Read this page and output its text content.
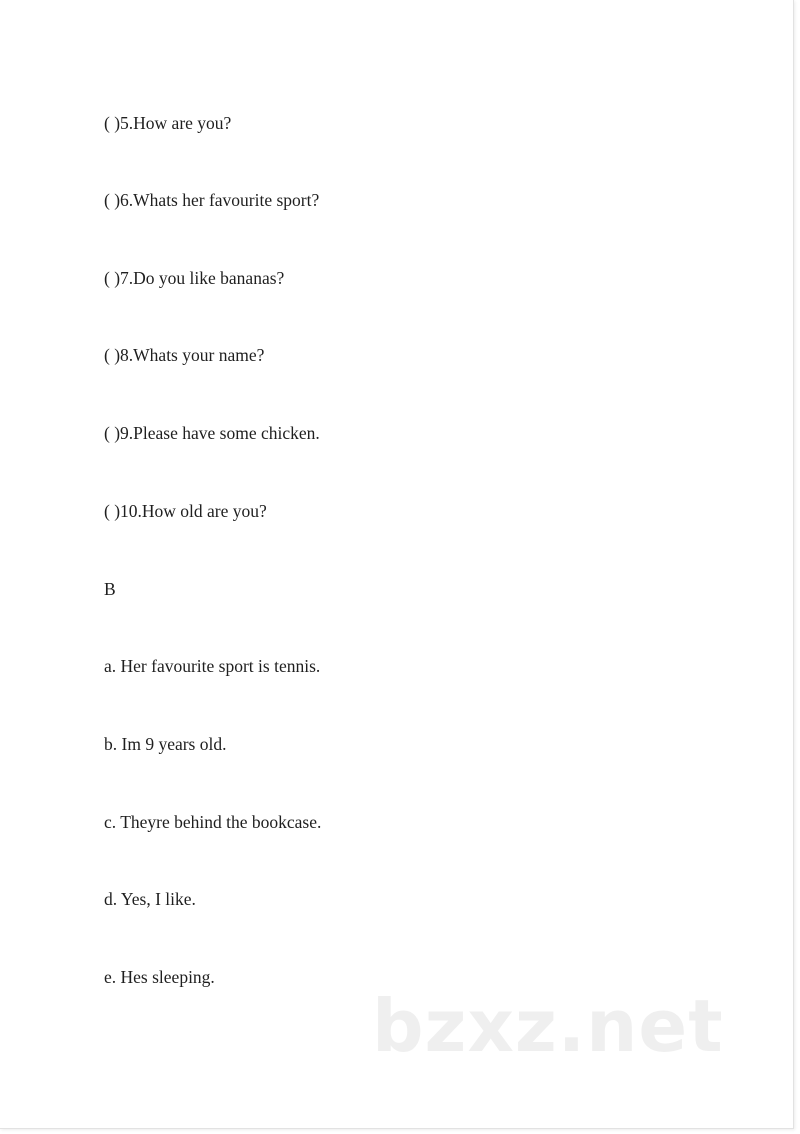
( )5.How are you?
( )6.Whats her favourite sport?
( )7.Do you like bananas?
( )8.Whats your name?
( )9.Please have some chicken.
( )10.How old are you?
B
a. Her favourite sport is tennis.
b. Im 9 years old.
c. Theyre behind the bookcase.
d. Yes, I like.
e. Hes sleeping.
bzxz.net
